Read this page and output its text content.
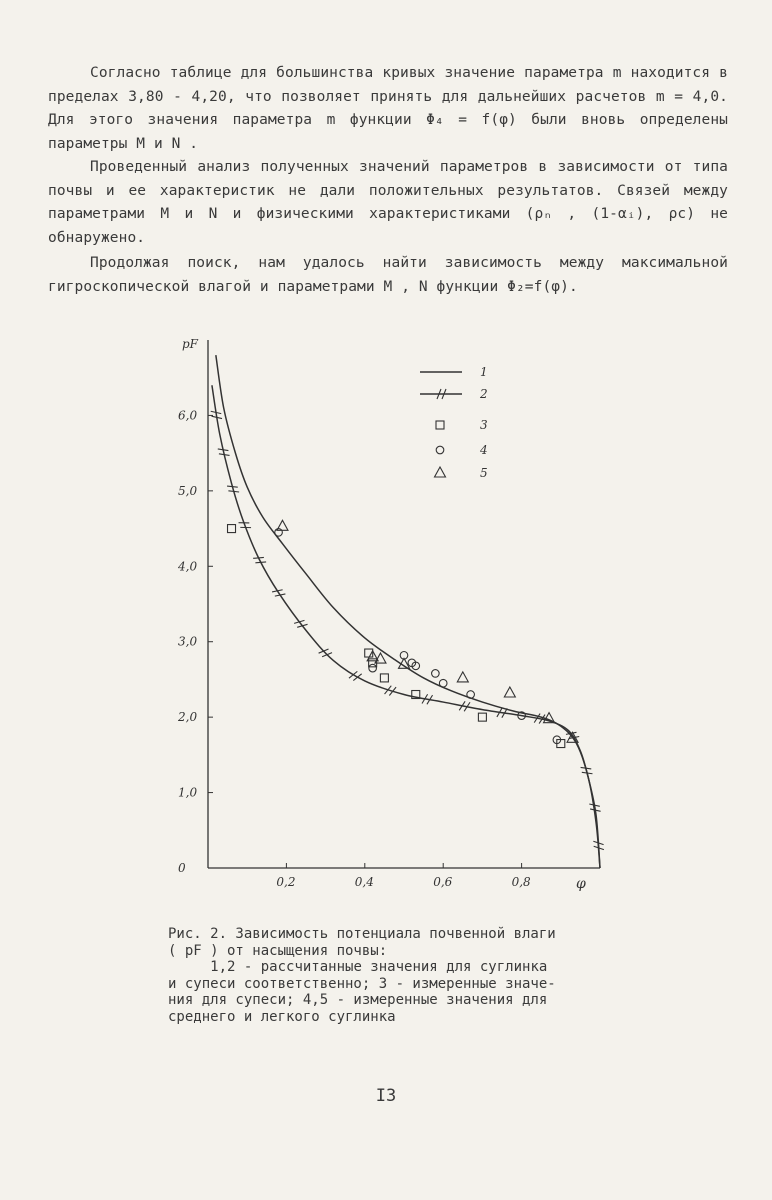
Согласно таблице для большинства кривых значение параметра m находится в пределах 3,80 - 4,20, что позволяет принять для дальнейших расчетов m = 4,0. Для этого значения параметра m функции Φ₄ = f(φ) были вновь определены параметры M и N .

Проведенный анализ полученных значений параметров в зависимости от типа почвы и ее характеристик не дали положительных результатов. Связей между параметрами M и N и физическими характеристиками (ρₙ , (1-αᵢ), ρc) не обнаружено.

Продолжая поиск, нам удалось найти зависимость между максимальной гигроскопической влагой и параметрами M , N функции Φ₂=f(φ).

0
1,0
2,0
3,0
4,0
5,0
6,0
0,2	0,4	0,6	0,8
pF
φ
1
2
3
4
5
Рис. 2. Зависимость потенциала почвенной влаги
( pF ) от насыщения почвы:
1,2 - рассчитанные значения для суглинка
и супеси соответственно; 3 - измеренные значе-
ния для супеси; 4,5 - измеренные значения для
среднего и легкого суглинка
I3
